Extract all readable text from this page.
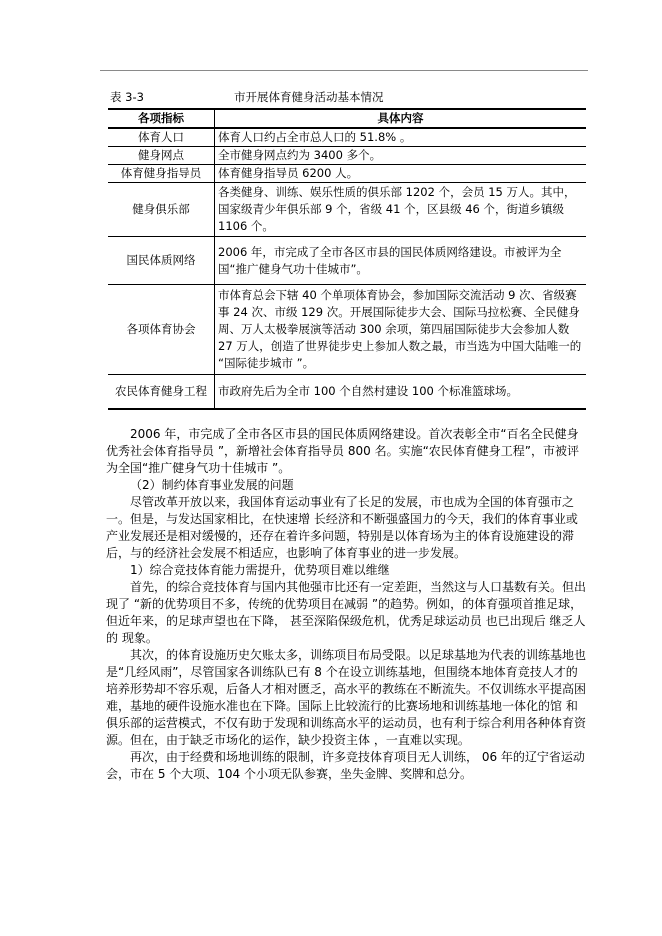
表 3-3	市开展体育健身活动基本情况
各项指标	具体内容
体育人口	体育人口约占全市总人口的 51.8% 。
健身网点	全市健身网点约为 3400 多个。
体育健身指导员	体育健身指导员 6200 人。
健身俱乐部	各类健身、训练、娱乐性质的俱乐部 1202 个，会员 15 万人。其中，国家级青少年俱乐部 9 个，省级 41 个，区县级 46 个，街道乡镇级 1106 个。
国民体质网络	2006 年，市完成了全市各区市县的国民体质网络建设。市被评为全国“推广健身气功十佳城市”。
各项体育协会	市体育总会下辖 40 个单项体育协会，参加国际交流活动 9 次、省级赛事 24 次、市级 129 次。开展国际徒步大会、国际马拉松赛、全民健身周、万人太极拳展演等活动 300 余项，第四届国际徒步大会参加人数 27 万人，创造了世界徒步史上参加人数之最，市当选为中国大陆唯一的 “国际徒步城市 ”。
农民体育健身工程	市政府先后为全市 100 个自然村建设 100 个标准篮球场。

2006 年，市完成了全市各区市县的国民体质网络建设。首次表彰全市“百名全民健身优秀社会体育指导员 ”，新增社会体育指导员 800 名。实施“农民体育健身工程”，市被评为全国“推广健身气功十佳城市 ”。

（2）制约体育事业发展的问题

尽管改革开放以来，我国体育运动事业有了长足的发展，市也成为全国的体育强市之一。但是，与发达国家相比，在快速增 长经济和不断强盛国力的今天，我们的体育事业或产业发展还是相对缓慢的，还存在着许多问题，特别是以体育场为主的体育设施建设的滞后，与的经济社会发展不相适应，也影响了体育事业的进一步发展。

1）综合竞技体育能力需提升，优势项目难以维继

首先，的综合竞技体育与国内其他强市比还有一定差距，当然这与人口基数有关。但出现了 “新的优势项目不多，传统的优势项目在减弱 ”的趋势。例如，的体育强项首推足球，但近年来，的足球声望也在下降， 甚至深陷保级危机，优秀足球运动员 也已出现后 继乏人的 现象。

其次，的体育设施历史欠账太多，训练项目布局受限。以足球基地为代表的训练基地也是“几经风雨”，尽管国家各训练队已有 8 个在设立训练基地，但围绕本地体育竞技人才的培养形势却不容乐观，后备人才相对匮乏，高水平的教练在不断流失。不仅训练水平提高困难，基地的硬件设施水准也在下降。国际上比较流行的比赛场地和训练基地一体化的馆 和俱乐部的运营模式，不仅有助于发现和训练高水平的运动员，也有利于综合利用各种体育资源。但在，由于缺乏市场化的运作，缺少投资主体 ，一直难以实现。

再次，由于经费和场地训练的限制，许多竞技体育项目无人训练， 06 年的辽宁省运动会，市在 5 个大项、104 个小项无队参赛，坐失金牌、奖牌和总分。
